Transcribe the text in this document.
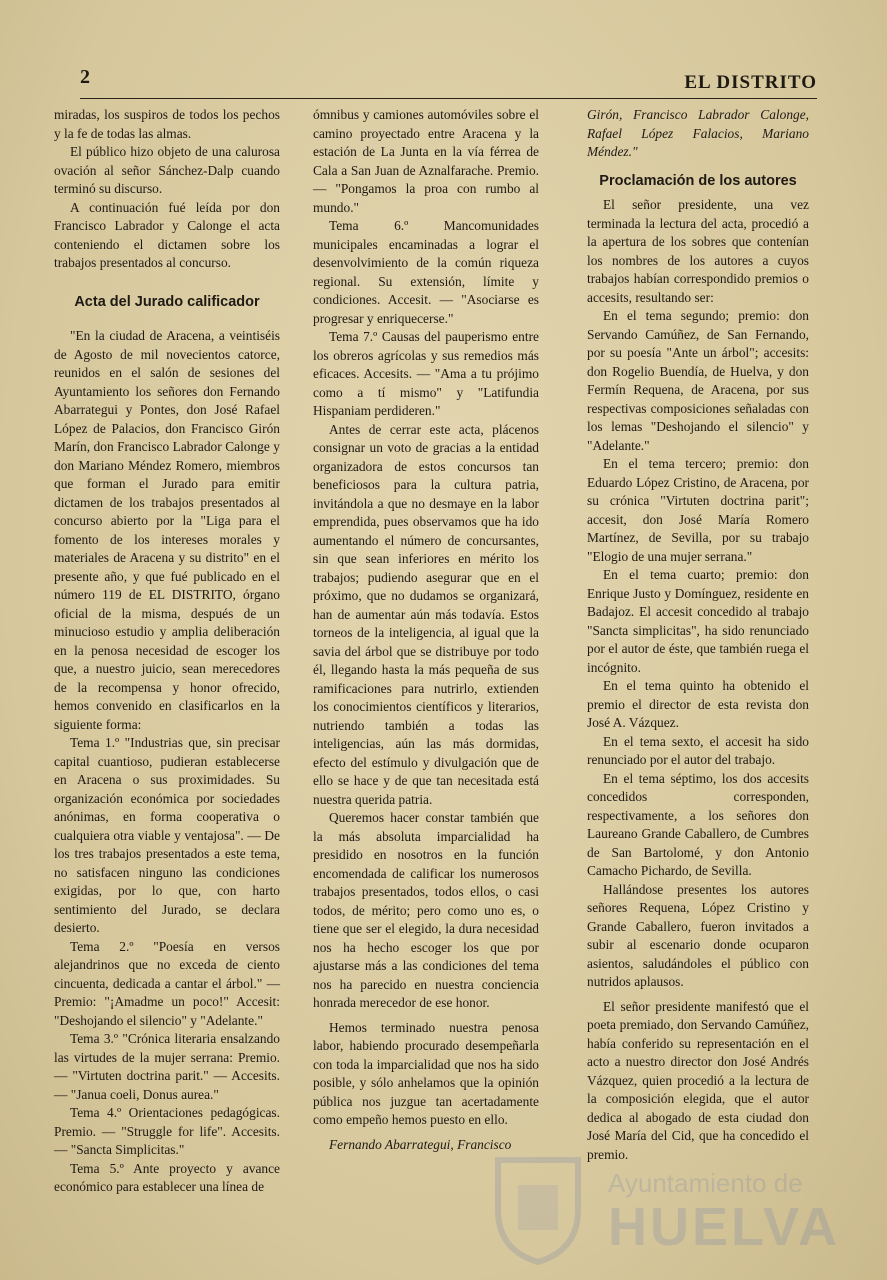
2	EL DISTRITO

miradas, los suspiros de todos los pechos y la fe de todas las almas.

El público hizo objeto de una calurosa ovación al señor Sánchez-Dalp cuando terminó su discurso.

A continuación fué leída por don Francisco Labrador y Calonge el acta conteniendo el dictamen sobre los trabajos presentados al concurso.

Acta del Jurado calificador

"En la ciudad de Aracena, a veintiséis de Agosto de mil novecientos catorce, reunidos en el salón de sesiones del Ayuntamiento los señores don Fernando Abarrategui y Pontes, don José Rafael López de Palacios, don Francisco Girón Marín, don Francisco Labrador Calonge y don Mariano Méndez Romero, miembros que forman el Jurado para emitir dictamen de los trabajos presentados al concurso abierto por la "Liga para el fomento de los intereses morales y materiales de Aracena y su distrito" en el presente año, y que fué publicado en el número 119 de EL DISTRITO, órgano oficial de la misma, después de un minucioso estudio y amplia deliberación en la penosa necesidad de escoger los que, a nuestro juicio, sean merecedores de la recompensa y honor ofrecido, hemos convenido en clasificarlos en la siguiente forma:

Tema 1.º "Industrias que, sin precisar capital cuantioso, pudieran establecerse en Aracena o sus proximidades. Su organización económica por sociedades anónimas, en forma cooperativa o cualquiera otra viable y ventajosa". — De los tres trabajos presentados a este tema, no satisfacen ninguno las condiciones exigidas, por lo que, con harto sentimiento del Jurado, se declara desierto.

Tema 2.º "Poesía en versos alejandrinos que no exceda de ciento cincuenta, dedicada a cantar el árbol." — Premio: "¡Amadme un poco!" Accesit: "Deshojando el silencio" y "Adelante."

Tema 3.º "Crónica literaria ensalzando las virtudes de la mujer serrana: Premio. — "Virtuten doctrina parit." — Accesits. — "Janua coeli, Donus aurea."

Tema 4.º Orientaciones pedagógicas. Premio. — "Struggle for life". Accesits. — "Sancta Simplicitas."

Tema 5.º Ante proyecto y avance económico para establecer una línea de

ómnibus y camiones automóviles sobre el camino proyectado entre Aracena y la estación de La Junta en la vía férrea de Cala a San Juan de Aznalfarache. Premio. — "Pongamos la proa con rumbo al mundo."

Tema 6.º Mancomunidades municipales encaminadas a lograr el desenvolvimiento de la común riqueza regional. Su extensión, límite y condiciones. Accesit. — "Asociarse es progresar y enriquecerse."

Tema 7.º Causas del pauperismo entre los obreros agrícolas y sus remedios más eficaces. Accesits. — "Ama a tu prójimo como a tí mismo" y "Latifundia Hispaniam perdideren."

Antes de cerrar este acta, plácenos consignar un voto de gracias a la entidad organizadora de estos concursos tan beneficiosos para la cultura patria, invitándola a que no desmaye en la labor emprendida, pues observamos que ha ido aumentando el número de concursantes, sin que sean inferiores en mérito los trabajos; pudiendo asegurar que en el próximo, que no dudamos se organizará, han de aumentar aún más todavía. Estos torneos de la inteligencia, al igual que la savia del árbol que se distribuye por todo él, llegando hasta la más pequeña de sus ramificaciones para nutrirlo, extienden los conocimientos científicos y literarios, nutriendo también a todas las inteligencias, aún las más dormidas, efecto del estímulo y divulgación que de ello se hace y de que tan necesitada está nuestra querida patria.

Queremos hacer constar también que la más absoluta imparcialidad ha presidido en nosotros en la función encomendada de calificar los numerosos trabajos presentados, todos ellos, o casi todos, de mérito; pero como uno es, o tiene que ser el elegido, la dura necesidad nos ha hecho escoger los que por ajustarse más a las condiciones del tema nos ha parecido en nuestra conciencia honrada merecedor de ese honor.

Hemos terminado nuestra penosa labor, habiendo procurado desempeñarla con toda la imparcialidad que nos ha sido posible, y sólo anhelamos que la opinión pública nos juzgue tan acertadamente como empeño hemos puesto en ello.

Fernando Abarrategui, Francisco

Girón, Francisco Labrador Calonge, Rafael López Falacios, Mariano Méndez."

Proclamación de los autores

El señor presidente, una vez terminada la lectura del acta, procedió a la apertura de los sobres que contenían los nombres de los autores a cuyos trabajos habían correspondido premios o accesits, resultando ser:

En el tema segundo; premio: don Servando Camúñez, de San Fernando, por su poesía "Ante un árbol"; accesits: don Rogelio Buendía, de Huelva, y don Fermín Requena, de Aracena, por sus respectivas composiciones señaladas con los lemas "Deshojando el silencio" y "Adelante."

En el tema tercero; premio: don Eduardo López Cristino, de Aracena, por su crónica "Virtuten doctrina parit"; accesit, don José María Romero Martínez, de Sevilla, por su trabajo "Elogio de una mujer serrana."

En el tema cuarto; premio: don Enrique Justo y Domínguez, residente en Badajoz. El accesit concedido al trabajo "Sancta simplicitas", ha sido renunciado por el autor de éste, que también ruega el incógnito.

En el tema quinto ha obtenido el premio el director de esta revista don José A. Vázquez.

En el tema sexto, el accesit ha sido renunciado por el autor del trabajo.

En el tema séptimo, los dos accesits concedidos corresponden, respectivamente, a los señores don Laureano Grande Caballero, de Cumbres de San Bartolomé, y don Antonio Camacho Pichardo, de Sevilla.

Hallándose presentes los autores señores Requena, López Cristino y Grande Caballero, fueron invitados a subir al escenario donde ocuparon asientos, saludándoles el público con nutridos aplausos.

El señor presidente manifestó que el poeta premiado, don Servando Camúñez, había conferido su representación en el acto a nuestro director don José Andrés Vázquez, quien procedió a la lectura de la composición elegida, que el autor dedica al abogado de esta ciudad don José María del Cid, que ha concedido el premio.

Ayuntamiento de
HUELVA
